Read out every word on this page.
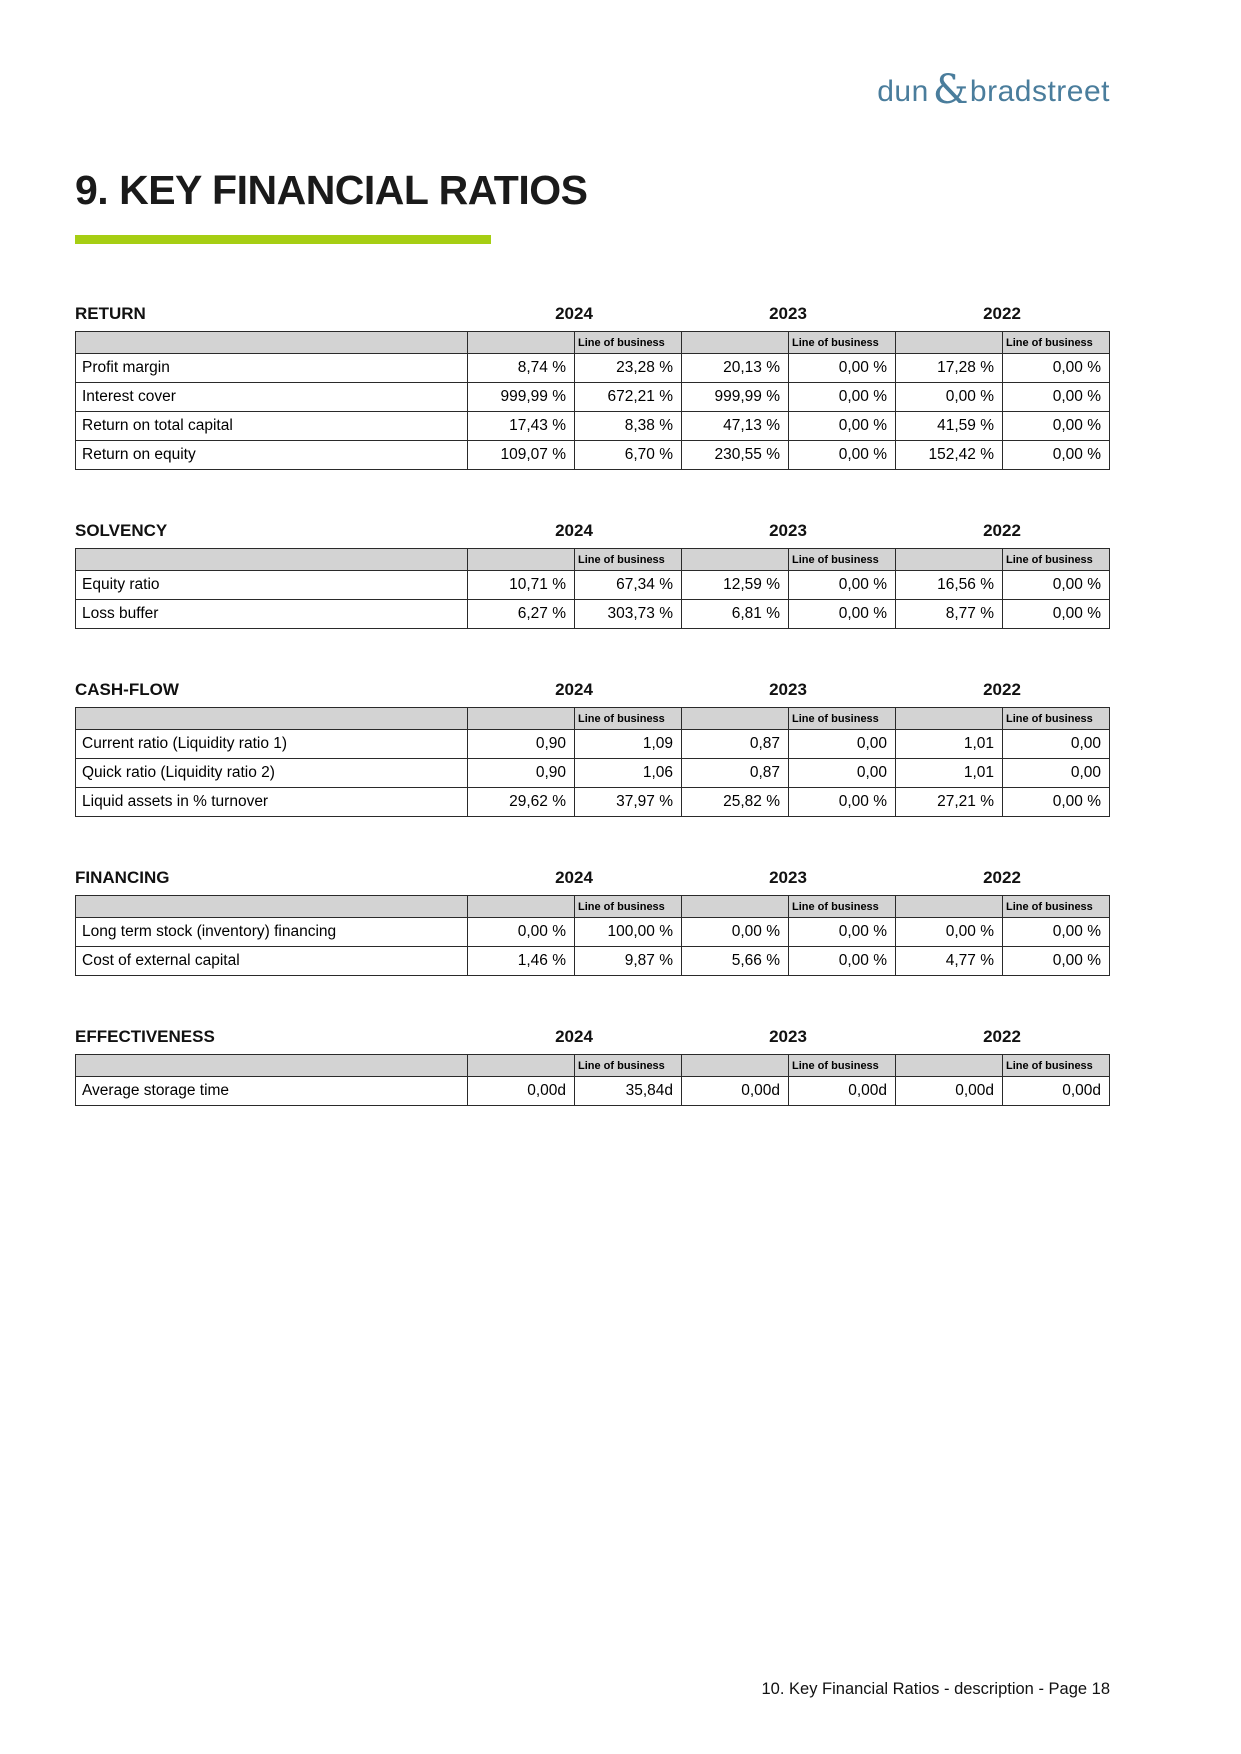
dun & bradstreet
9. KEY FINANCIAL RATIOS
RETURN	2024	2023	2022
		Line of business		Line of business		Line of business
Profit margin	8,74 %	23,28 %	20,13 %	0,00 %	17,28 %	0,00 %
Interest cover	999,99 %	672,21 %	999,99 %	0,00 %	0,00 %	0,00 %
Return on total capital	17,43 %	8,38 %	47,13 %	0,00 %	41,59 %	0,00 %
Return on equity	109,07 %	6,70 %	230,55 %	0,00 %	152,42 %	0,00 %
SOLVENCY	2024	2023	2022
		Line of business		Line of business		Line of business
Equity ratio	10,71 %	67,34 %	12,59 %	0,00 %	16,56 %	0,00 %
Loss buffer	6,27 %	303,73 %	6,81 %	0,00 %	8,77 %	0,00 %
CASH-FLOW	2024	2023	2022
		Line of business		Line of business		Line of business
Current ratio (Liquidity ratio 1)	0,90	1,09	0,87	0,00	1,01	0,00
Quick ratio (Liquidity ratio 2)	0,90	1,06	0,87	0,00	1,01	0,00
Liquid assets in % turnover	29,62 %	37,97 %	25,82 %	0,00 %	27,21 %	0,00 %
FINANCING	2024	2023	2022
		Line of business		Line of business		Line of business
Long term stock (inventory) financing	0,00 %	100,00 %	0,00 %	0,00 %	0,00 %	0,00 %
Cost of external capital	1,46 %	9,87 %	5,66 %	0,00 %	4,77 %	0,00 %
EFFECTIVENESS	2024	2023	2022
		Line of business		Line of business		Line of business
Average storage time	0,00d	35,84d	0,00d	0,00d	0,00d	0,00d
10. Key Financial Ratios - description - Page 18
